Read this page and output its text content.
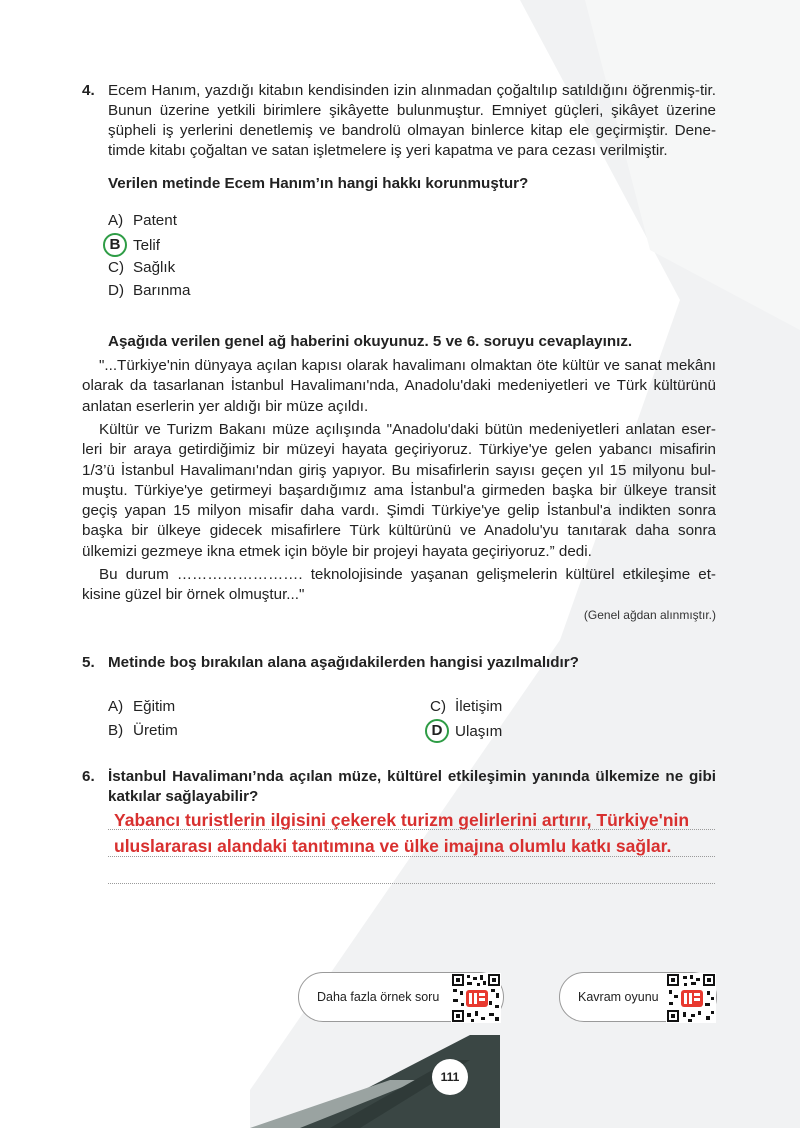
4. Ecem Hanım, yazdığı kitabın kendisinden izin alınmadan çoğaltılıp satıldığını öğrenmiş-tir. Bunun üzerine yetkili birimlere şikâyette bulunmuştur. Emniyet güçleri, şikâyet üzerine şüpheli iş yerlerini denetlemiş ve bandrolü olmayan binlerce kitap ele geçirmiştir. Dene-timde kitabı çoğaltan ve satan işletmelere iş yeri kapatma ve para cezası verilmiştir.
Verilen metinde Ecem Hanım’ın hangi hakkı korunmuştur?
A) Patent
B Telif
C) Sağlık
D) Barınma
Aşağıda verilen genel ağ haberini okuyunuz. 5 ve 6. soruyu cevaplayınız.
"...Türkiye'nin dünyaya açılan kapısı olarak havalimanı olmaktan öte kültür ve sanat mekânı olarak da tasarlanan İstanbul Havalimanı'nda, Anadolu'daki medeniyetleri ve Türk kültürünü anlatan eserlerin yer aldığı bir müze açıldı.
Kültür ve Turizm Bakanı müze açılışında "Anadolu'daki bütün medeniyetleri anlatan eser-leri bir araya getirdiğimiz bir müzeyi hayata geçiriyoruz. Türkiye'ye gelen yabancı misafirin 1/3’ü İstanbul Havalimanı'ndan giriş yapıyor. Bu misafirlerin sayısı geçen yıl 15 milyonu bul-muştu. Türkiye'ye getirmeyi başardığımız ama İstanbul'a girmeden başka bir ülkeye transit geçiş yapan 15 milyon misafir daha vardı. Şimdi Türkiye'ye gelip İstanbul'a indikten sonra başka bir ülkeye gidecek misafirlere Türk kültürünü ve Anadolu'yu tanıtarak daha sonra ülkemizi gezmeye ikna etmek için böyle bir projeyi hayata geçiriyoruz.” dedi.
Bu durum ……………………. teknolojisinde yaşanan gelişmelerin kültürel etkileşime et-kisine güzel bir örnek olmuştur..."
(Genel ağdan alınmıştır.)
5. Metinde boş bırakılan alana aşağıdakilerden hangisi yazılmalıdır?
A) Eğitim
B) Üretim
C) İletişim
D Ulaşım
6. İstanbul Havalimanı’nda açılan müze, kültürel etkileşimin yanında ülkemize ne gibi katkılar sağlayabilir?
Yabancı turistlerin ilgisini çekerek turizm gelirlerini artırır, Türkiye'nin
uluslararası alandaki tanıtımına ve ülke imajına olumlu katkı sağlar.
Daha fazla örnek soru	Kavram oyunu
111
